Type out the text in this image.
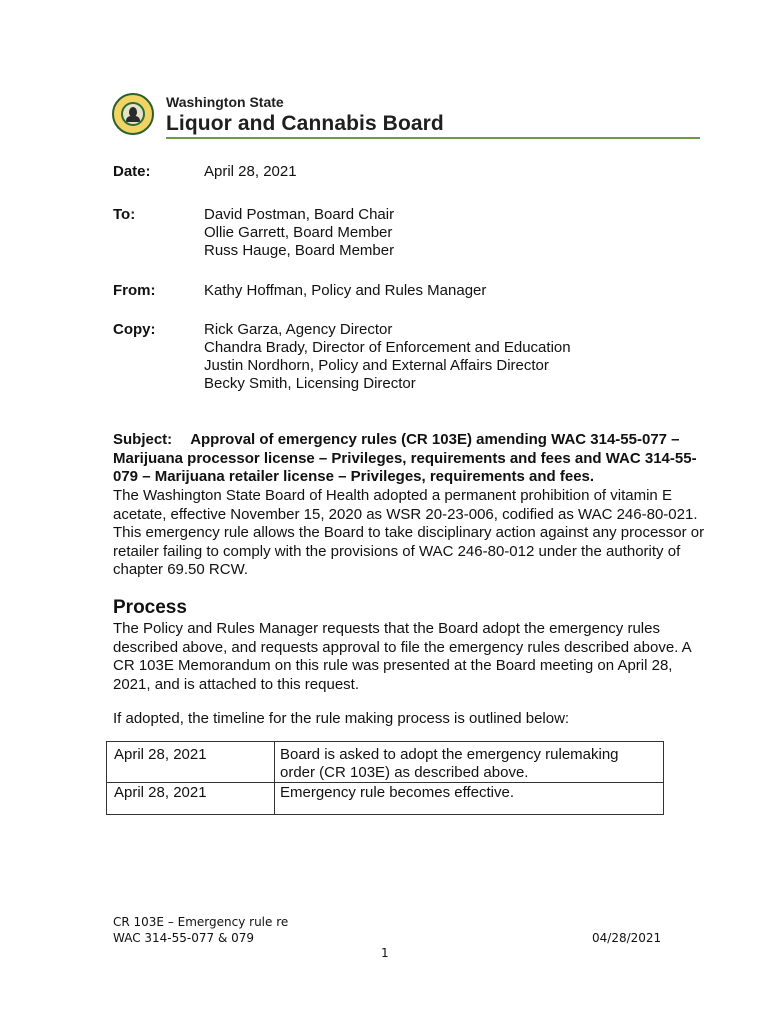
Washington State
Liquor and Cannabis Board
Date:	April 28, 2021
To:	David Postman, Board Chair
Ollie Garrett, Board Member
Russ Hauge, Board Member
From:	Kathy Hoffman, Policy and Rules Manager
Copy:	Rick Garza, Agency Director
Chandra Brady, Director of Enforcement and Education
Justin Nordhorn, Policy and External Affairs Director
Becky Smith, Licensing Director
Subject: Approval of emergency rules (CR 103E) amending WAC 314-55-077 – Marijuana processor license – Privileges, requirements and fees and WAC 314-55-079 – Marijuana retailer license – Privileges, requirements and fees.
The Washington State Board of Health adopted a permanent prohibition of vitamin E acetate, effective November 15, 2020 as WSR 20-23-006, codified as WAC 246-80-021. This emergency rule allows the Board to take disciplinary action against any processor or retailer failing to comply with the provisions of WAC 246-80-012 under the authority of chapter 69.50 RCW.
Process
The Policy and Rules Manager requests that the Board adopt the emergency rules described above, and requests approval to file the emergency rules described above. A CR 103E Memorandum on this rule was presented at the Board meeting on April 28, 2021, and is attached to this request.
If adopted, the timeline for the rule making process is outlined below:
April 28, 2021	Board is asked to adopt the emergency rulemaking order (CR 103E) as described above.
April 28, 2021	Emergency rule becomes effective.
CR 103E – Emergency rule re
WAC 314-55-077 & 079	04/28/2021
1
